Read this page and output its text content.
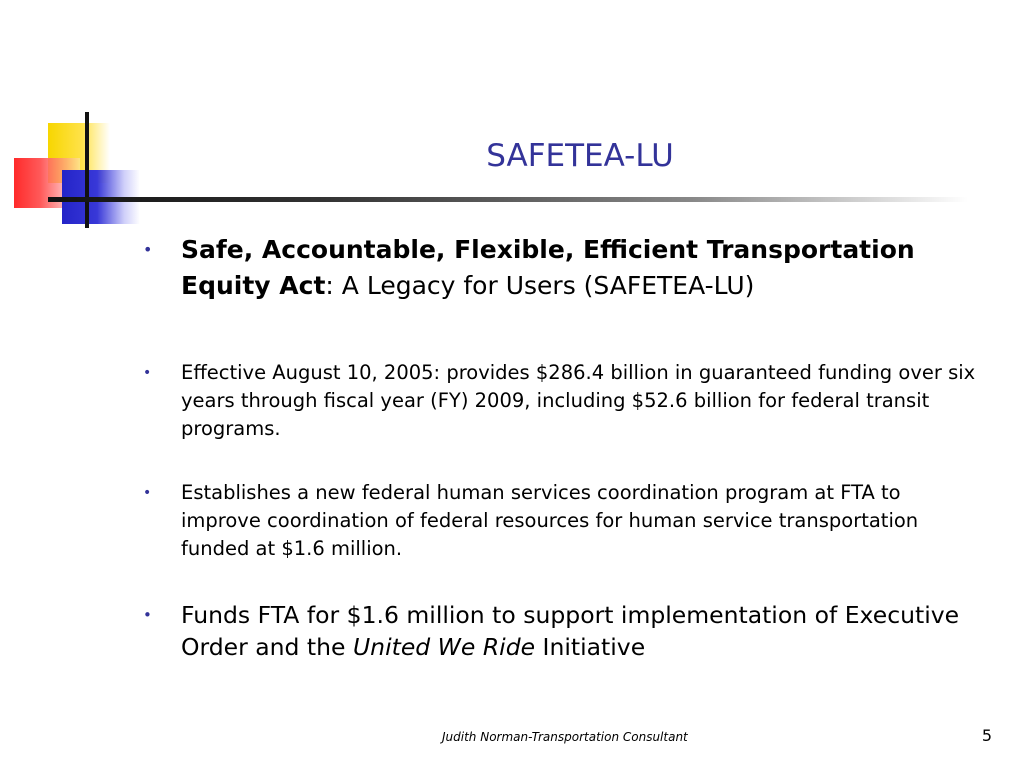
SAFETEA-LU
• Safe, Accountable, Flexible, Efficient Transportation Equity Act: A Legacy for Users (SAFETEA-LU)
• Effective August 10, 2005: provides $286.4 billion in guaranteed funding over six years through fiscal year (FY) 2009, including $52.6 billion for federal transit programs.
• Establishes a new federal human services coordination program at FTA to improve coordination of federal resources for human service transportation funded at $1.6 million.
• Funds FTA for $1.6 million to support implementation of Executive Order and the United We Ride Initiative
Judith Norman-Transportation Consultant	5
